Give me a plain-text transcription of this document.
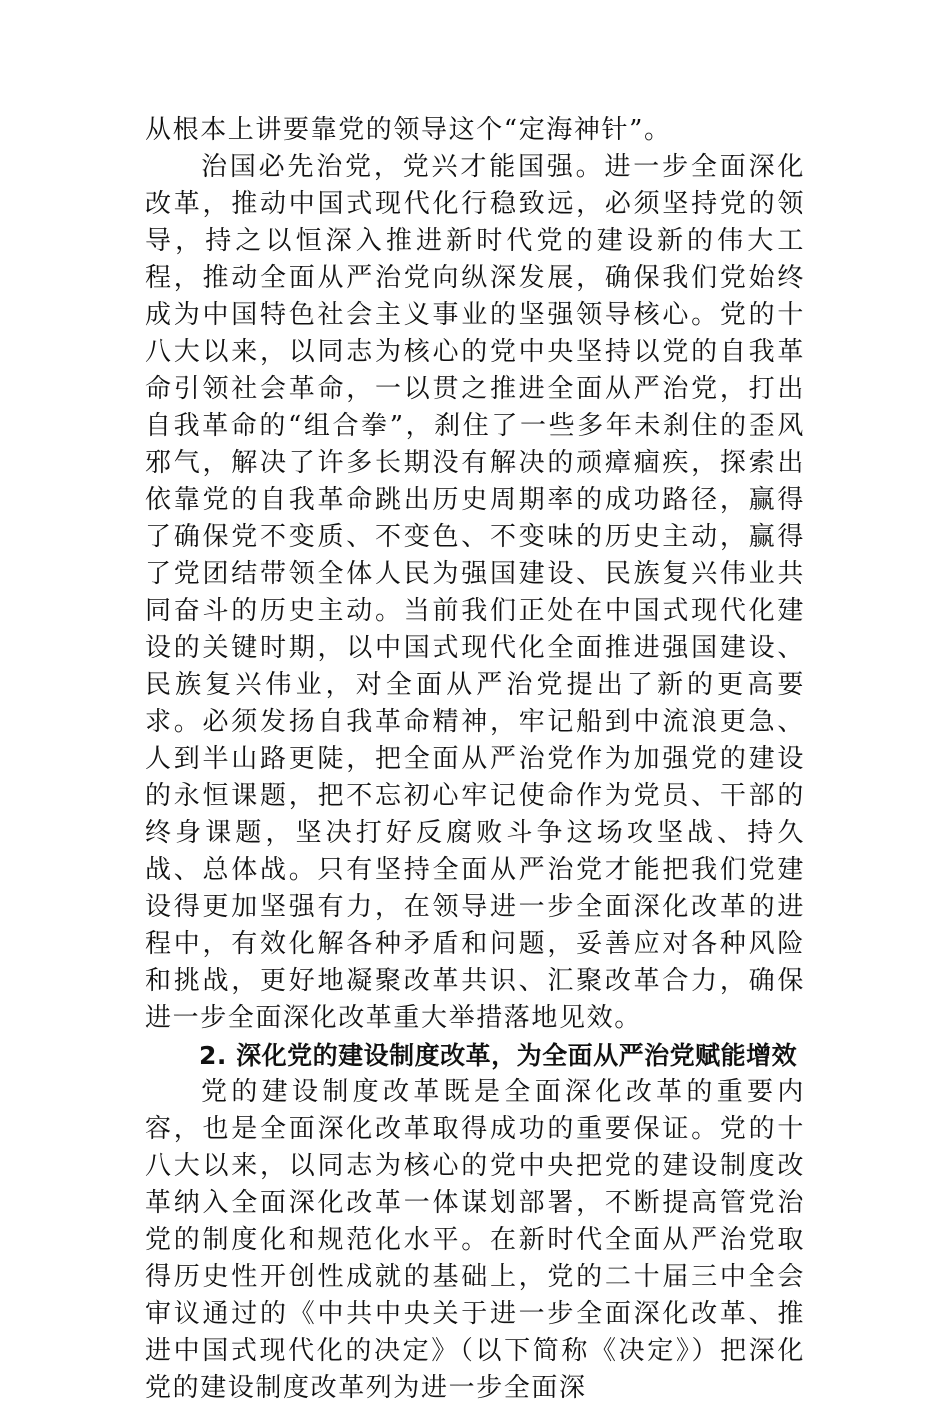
从根本上讲要靠党的领导这个“定海神针”。

治国必先治党，党兴才能国强。进一步全面深化改革，推动中国式现代化行稳致远，必须坚持党的领导，持之以恒深入推进新时代党的建设新的伟大工程，推动全面从严治党向纵深发展，确保我们党始终成为中国特色社会主义事业的坚强领导核心。党的十八大以来，以同志为核心的党中央坚持以党的自我革命引领社会革命，一以贯之推进全面从严治党，打出自我革命的“组合拳”，刹住了一些多年未刹住的歪风邪气，解决了许多长期没有解决的顽瘴痼疾，探索出依靠党的自我革命跳出历史周期率的成功路径，赢得了确保党不变质、不变色、不变味的历史主动，赢得了党团结带领全体人民为强国建设、民族复兴伟业共同奋斗的历史主动。当前我们正处在中国式现代化建设的关键时期，以中国式现代化全面推进强国建设、民族复兴伟业，对全面从严治党提出了新的更高要求。必须发扬自我革命精神，牢记船到中流浪更急、人到半山路更陡，把全面从严治党作为加强党的建设的永恒课题，把不忘初心牢记使命作为党员、干部的终身课题，坚决打好反腐败斗争这场攻坚战、持久战、总体战。只有坚持全面从严治党才能把我们党建设得更加坚强有力，在领导进一步全面深化改革的进程中，有效化解各种矛盾和问题，妥善应对各种风险和挑战，更好地凝聚改革共识、汇聚改革合力，确保进一步全面深化改革重大举措落地见效。

2. 深化党的建设制度改革，为全面从严治党赋能增效

党的建设制度改革既是全面深化改革的重要内容，也是全面深化改革取得成功的重要保证。党的十八大以来，以同志为核心的党中央把党的建设制度改革纳入全面深化改革一体谋划部署，不断提高管党治党的制度化和规范化水平。在新时代全面从严治党取得历史性开创性成就的基础上，党的二十届三中全会审议通过的《中共中央关于进一步全面深化改革、推进中国式现代化的决定》（以下简称《决定》）把深化党的建设制度改革列为进一步全面深
